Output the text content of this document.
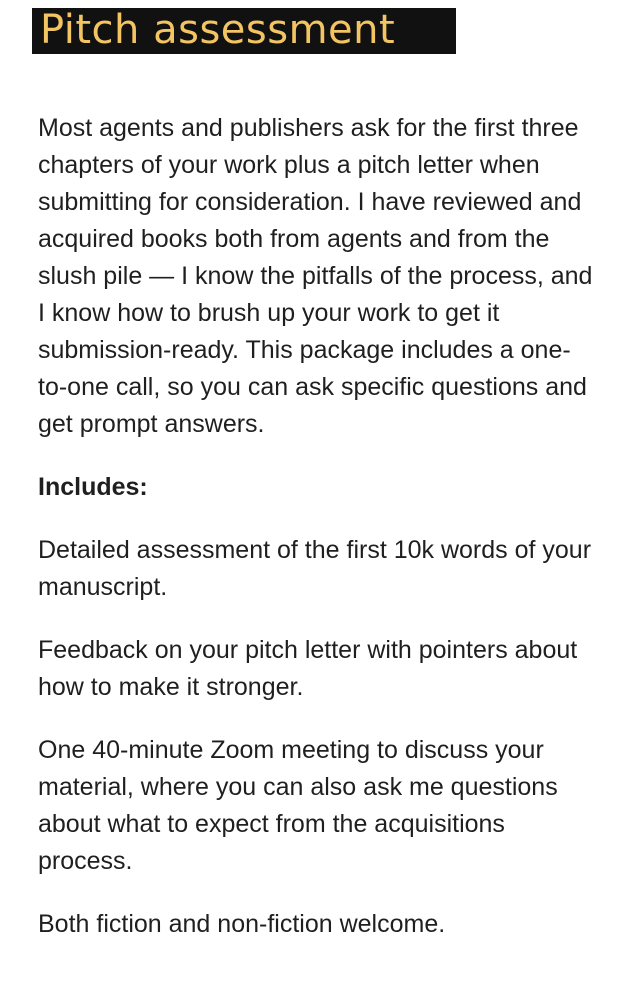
Pitch assessment

Most agents and publishers ask for the first three chapters of your work plus a pitch letter when submitting for consideration. I have reviewed and acquired books both from agents and from the slush pile — I know the pitfalls of the process, and I know how to brush up your work to get it submission-ready. This package includes a one-to-one call, so you can ask specific questions and get prompt answers.

Includes:

Detailed assessment of the first 10k words of your manuscript.

Feedback on your pitch letter with pointers about how to make it stronger.

One 40-minute Zoom meeting to discuss your material, where you can also ask me questions about what to expect from the acquisitions process.

Both fiction and non-fiction welcome.
